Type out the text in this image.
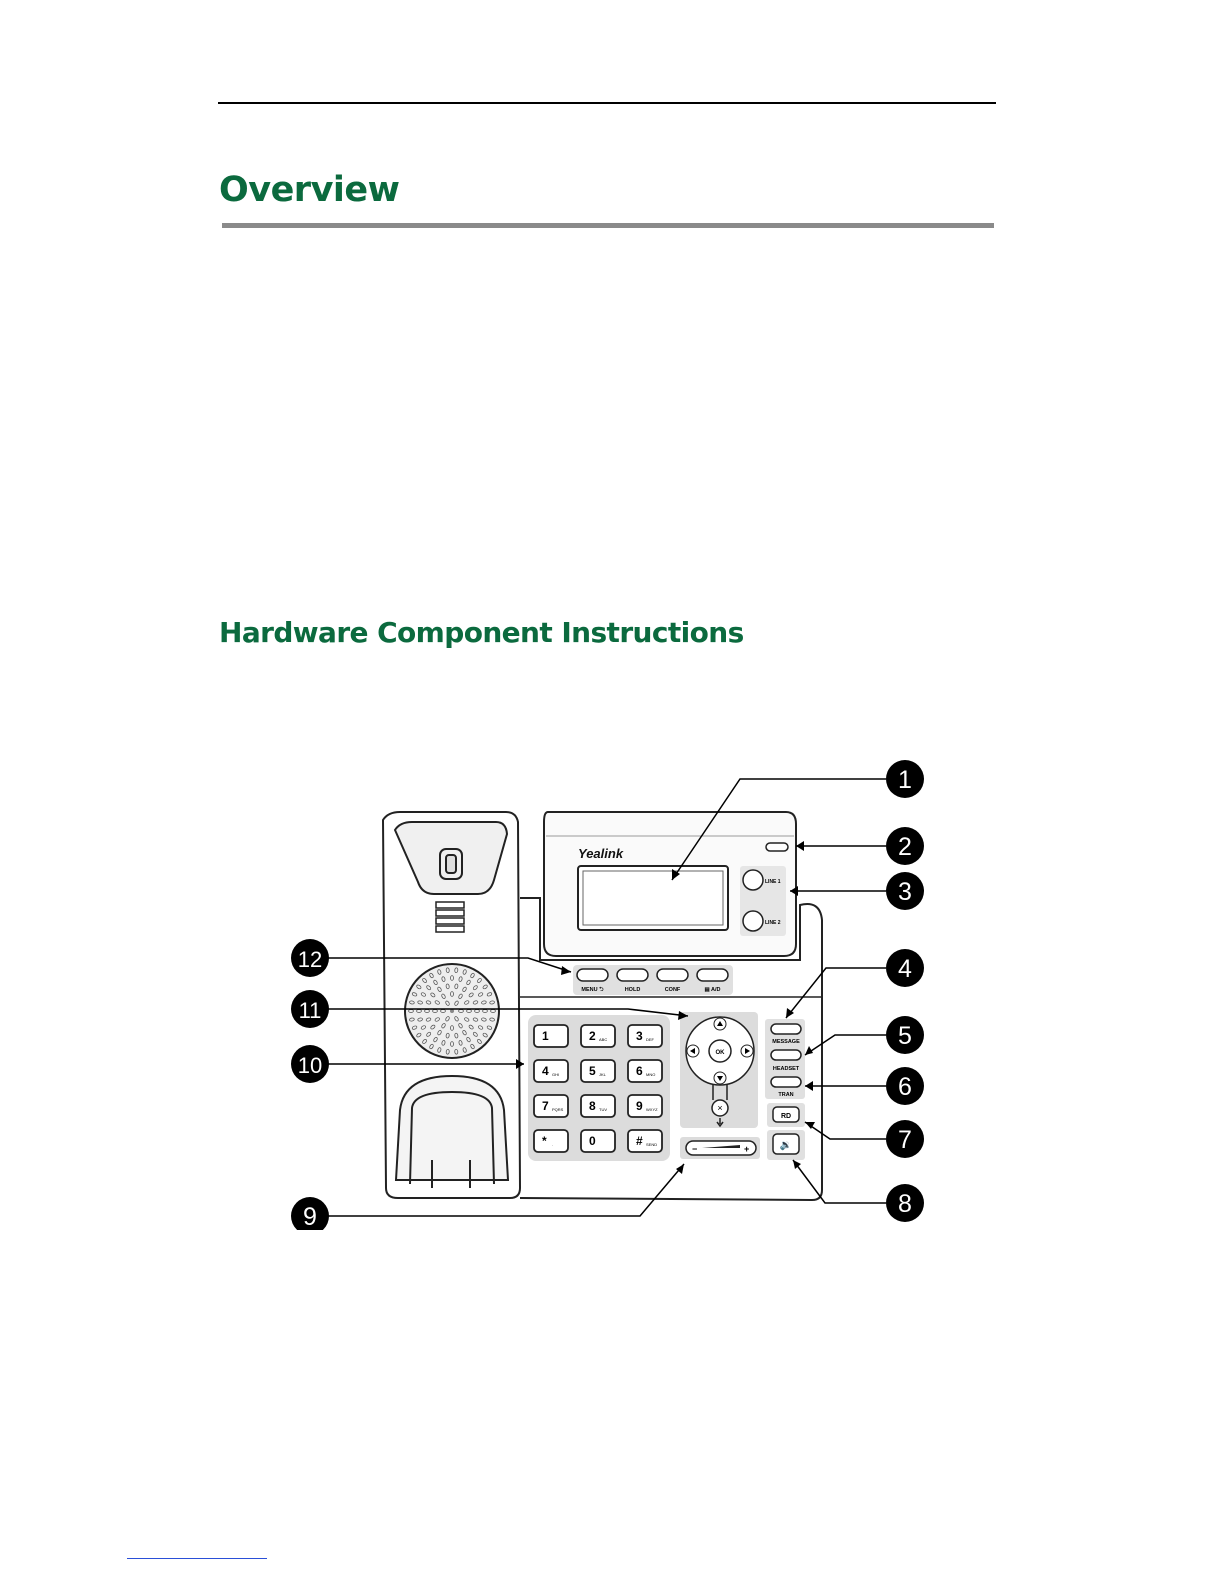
Overview
Hardware Component Instructions
Yealink
LINE 1
LINE 2
MENU ⮌	HOLD	CONF	▤ A/D
1	2 ABC 3 DEF
4 GHI 5 JKL	6 MNO
7 PQRS 8 TUV 9 WXYZ
* .	0	# SEND
OK
×
−	+
MESSAGE
HEADSET
TRAN
RD
🔉
1
2
3
4
5
6
7
8
9
10
11
12
